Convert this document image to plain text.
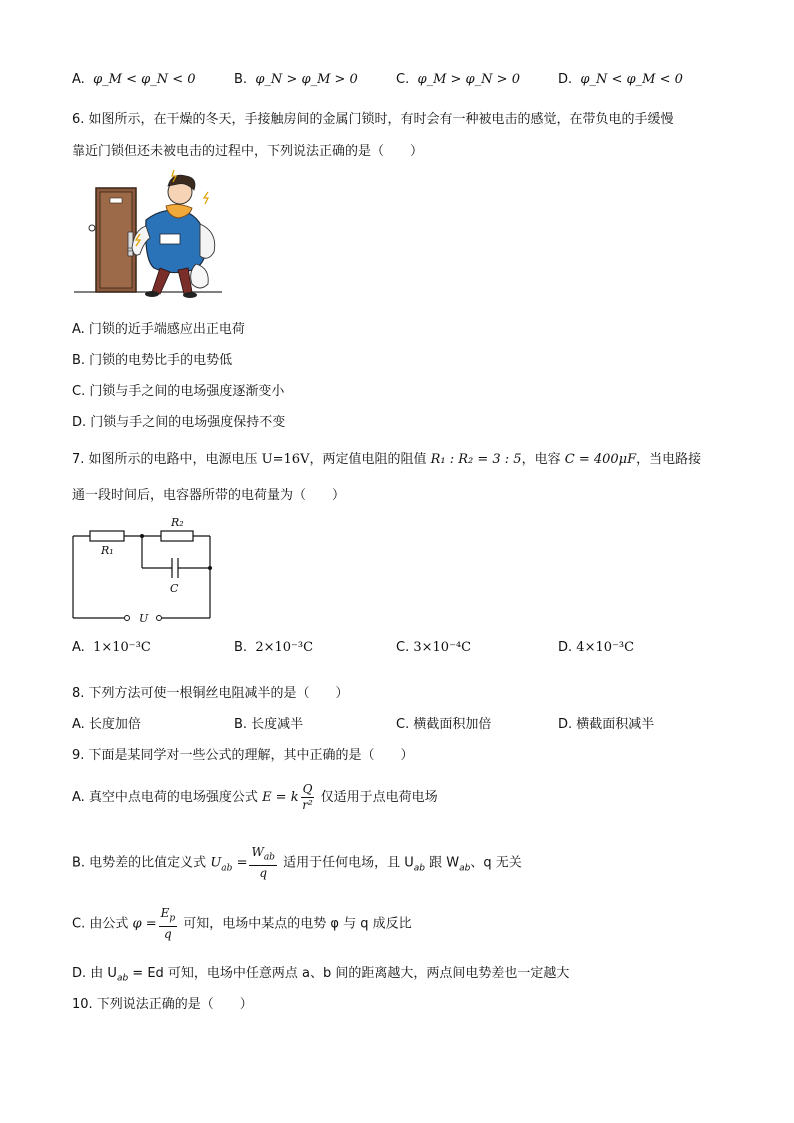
A. φ_M < φ_N < 0	B. φ_N > φ_M > 0	C. φ_M > φ_N > 0	D. φ_N < φ_M < 0
6. 如图所示，在干燥的冬天，手接触房间的金属门锁时，有时会有一种被电击的感觉，在带负电的手缓慢
靠近门锁但还未被电击的过程中，下列说法正确的是（　　）
A. 门锁的近手端感应出正电荷
B. 门锁的电势比手的电势低
C. 门锁与手之间的电场强度逐渐变小
D. 门锁与手之间的电场强度保持不变
7. 如图所示的电路中，电源电压 U=16V，两定值电阻的阻值 R₁ : R₂ = 3 : 5，电容 C = 400μF，当电路接
通一段时间后，电容器所带的电荷量为（　　）
R₂
R₁
C
U
A. 1×10⁻³C	B. 2×10⁻³C	C. 3×10⁻⁴C	D. 4×10⁻³C
8. 下列方法可使一根铜丝电阻减半的是（　　）
A. 长度加倍	B. 长度减半	C. 横截面积加倍	D. 横截面积减半
9. 下面是某同学对一些公式的理解，其中正确的是（　　）
A. 真空中点电荷的电场强度公式 E = k $\frac{Q}{\text{r²}}$ 仅适用于点电荷电场
B. 电势差的比值定义式 $U_{ab} = \frac{W_{ab}}{q}$ 适用于任何电场，且 $U_{ab}$ 跟 $W_{ab}$、q 无关
C. 由公式 $\varphi = \frac{E_p}{q}$ 可知，电场中某点的电势 φ 与 q 成反比
D. 由 $U_{ab} = Ed$ 可知，电场中任意两点 a、b 间的距离越大，两点间电势差也一定越大
10. 下列说法正确的是（　　）
